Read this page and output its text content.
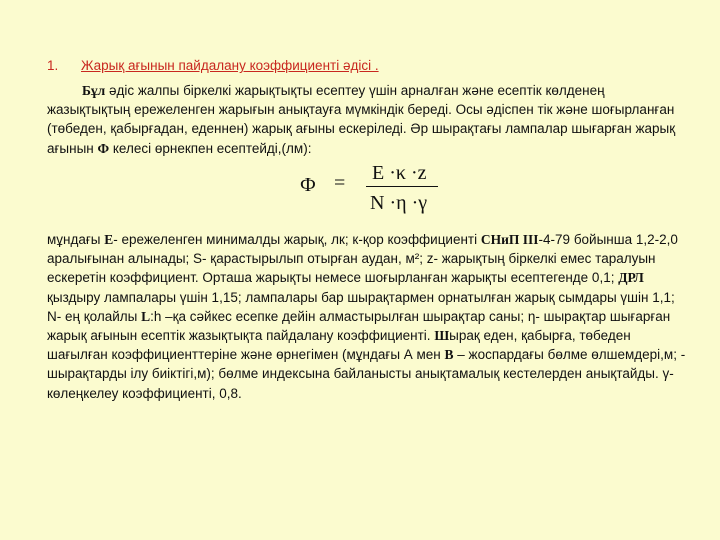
1. Жарық ағынын пайдалану коэффициенті әдісі .
Бұл әдіс жалпы біркелкі жарықтықты есептеу үшін арналған және есептік көлденең жазықтықтың ережеленген жарығын анықтауға мүмкіндік береді. Осы әдіспен тік және шоғырланған (төбеден, қабырғадан, еденнен) жарық ағыны ескеріледі. Әр шырақтағы лампалар шығарған жарық ағынын Ф келесі өрнекпен есептейді,(лм):
Ф = Е ·κ ·z
N ·η ·γ
мұндағы Е- ережеленген минималды жарық, лк; к-қор коэффициенті СНиП ІІІ-4-79 бойынша 1,2-2,0 аралығынан алынады; S- қарастырылып отырған аудан, м²; z- жарықтың біркелкі емес таралуын ескеретін коэффициент. Орташа жарықты немесе шоғырланған жарықты есептегенде 0,1; ДРЛ қыздыру лампалары үшін 1,15; лампалары бар шырақтармен орнатылған жарық сымдары үшін 1,1; N- ең қолайлы L:h –қа сәйкес есепке дейін алмастырылған шырақтар саны; η- шырақтар шығарған жарық ағынын есептік жазықтықта пайдалану коэффициенті. Шырақ еден, қабырға, төбеден шағылған коэффициенттеріне және өрнегімен (мұндағы А мен В – жоспардағы бөлме өлшемдері,м; - шырақтарды ілу биіктігі,м); бөлме индексына байланысты анықтамалық кестелерден анықтайды. γ- көлеңкелеу коэффициенті, 0,8.
